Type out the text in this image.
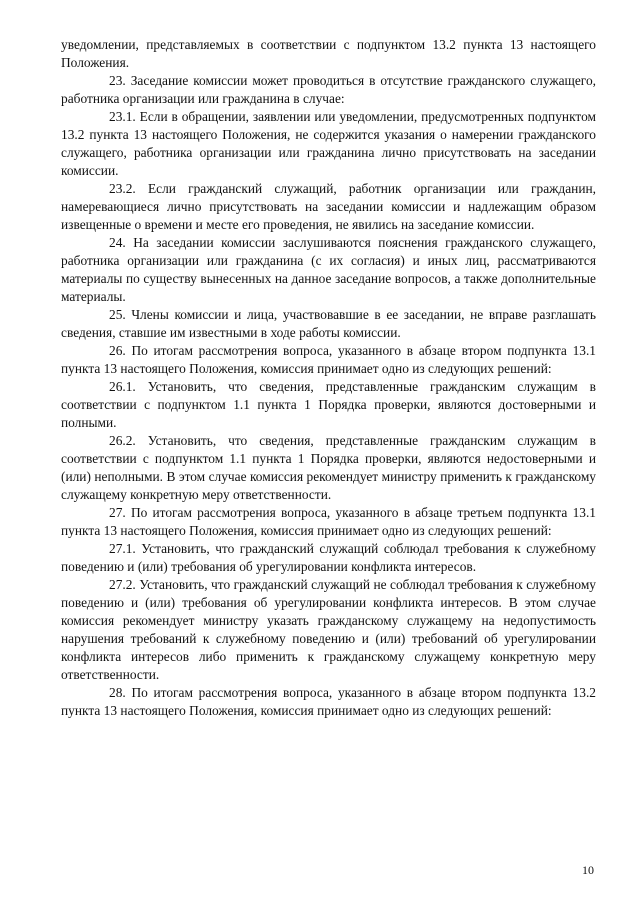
уведомлении, представляемых в соответствии с подпунктом 13.2 пункта 13 настоящего Положения.

23. Заседание комиссии может проводиться в отсутствие гражданского служащего, работника организации или гражданина в случае:

23.1. Если в обращении, заявлении или уведомлении, предусмотренных подпунктом 13.2 пункта 13 настоящего Положения, не содержится указания о намерении гражданского служащего, работника организации или гражданина лично присутствовать на заседании комиссии.

23.2. Если гражданский служащий, работник организации или гражданин, намеревающиеся лично присутствовать на заседании комиссии и надлежащим образом извещенные о времени и месте его проведения, не явились на заседание комиссии.

24. На заседании комиссии заслушиваются пояснения гражданского служащего, работника организации или гражданина (с их согласия) и иных лиц, рассматриваются материалы по существу вынесенных на данное заседание вопросов, а также дополнительные материалы.

25. Члены комиссии и лица, участвовавшие в ее заседании, не вправе разглашать сведения, ставшие им известными в ходе работы комиссии.

26. По итогам рассмотрения вопроса, указанного в абзаце втором подпункта 13.1 пункта 13 настоящего Положения, комиссия принимает одно из следующих решений:

26.1. Установить, что сведения, представленные гражданским служащим в соответствии с подпунктом 1.1 пункта 1 Порядка проверки, являются достоверными и полными.

26.2. Установить, что сведения, представленные гражданским служащим в соответствии с подпунктом 1.1 пункта 1 Порядка проверки, являются недостоверными и (или) неполными. В этом случае комиссия рекомендует министру применить к гражданскому служащему конкретную меру ответственности.

27. По итогам рассмотрения вопроса, указанного в абзаце третьем подпункта 13.1 пункта 13 настоящего Положения, комиссия принимает одно из следующих решений:

27.1. Установить, что гражданский служащий соблюдал требования к служебному поведению и (или) требования об урегулировании конфликта интересов.

27.2. Установить, что гражданский служащий не соблюдал требования к служебному поведению и (или) требования об урегулировании конфликта интересов. В этом случае комиссия рекомендует министру указать гражданскому служащему на недопустимость нарушения требований к служебному поведению и (или) требований об урегулировании конфликта интересов либо применить к гражданскому служащему конкретную меру ответственности.

28. По итогам рассмотрения вопроса, указанного в абзаце втором подпункта 13.2 пункта 13 настоящего Положения, комиссия принимает одно из следующих решений:

10
